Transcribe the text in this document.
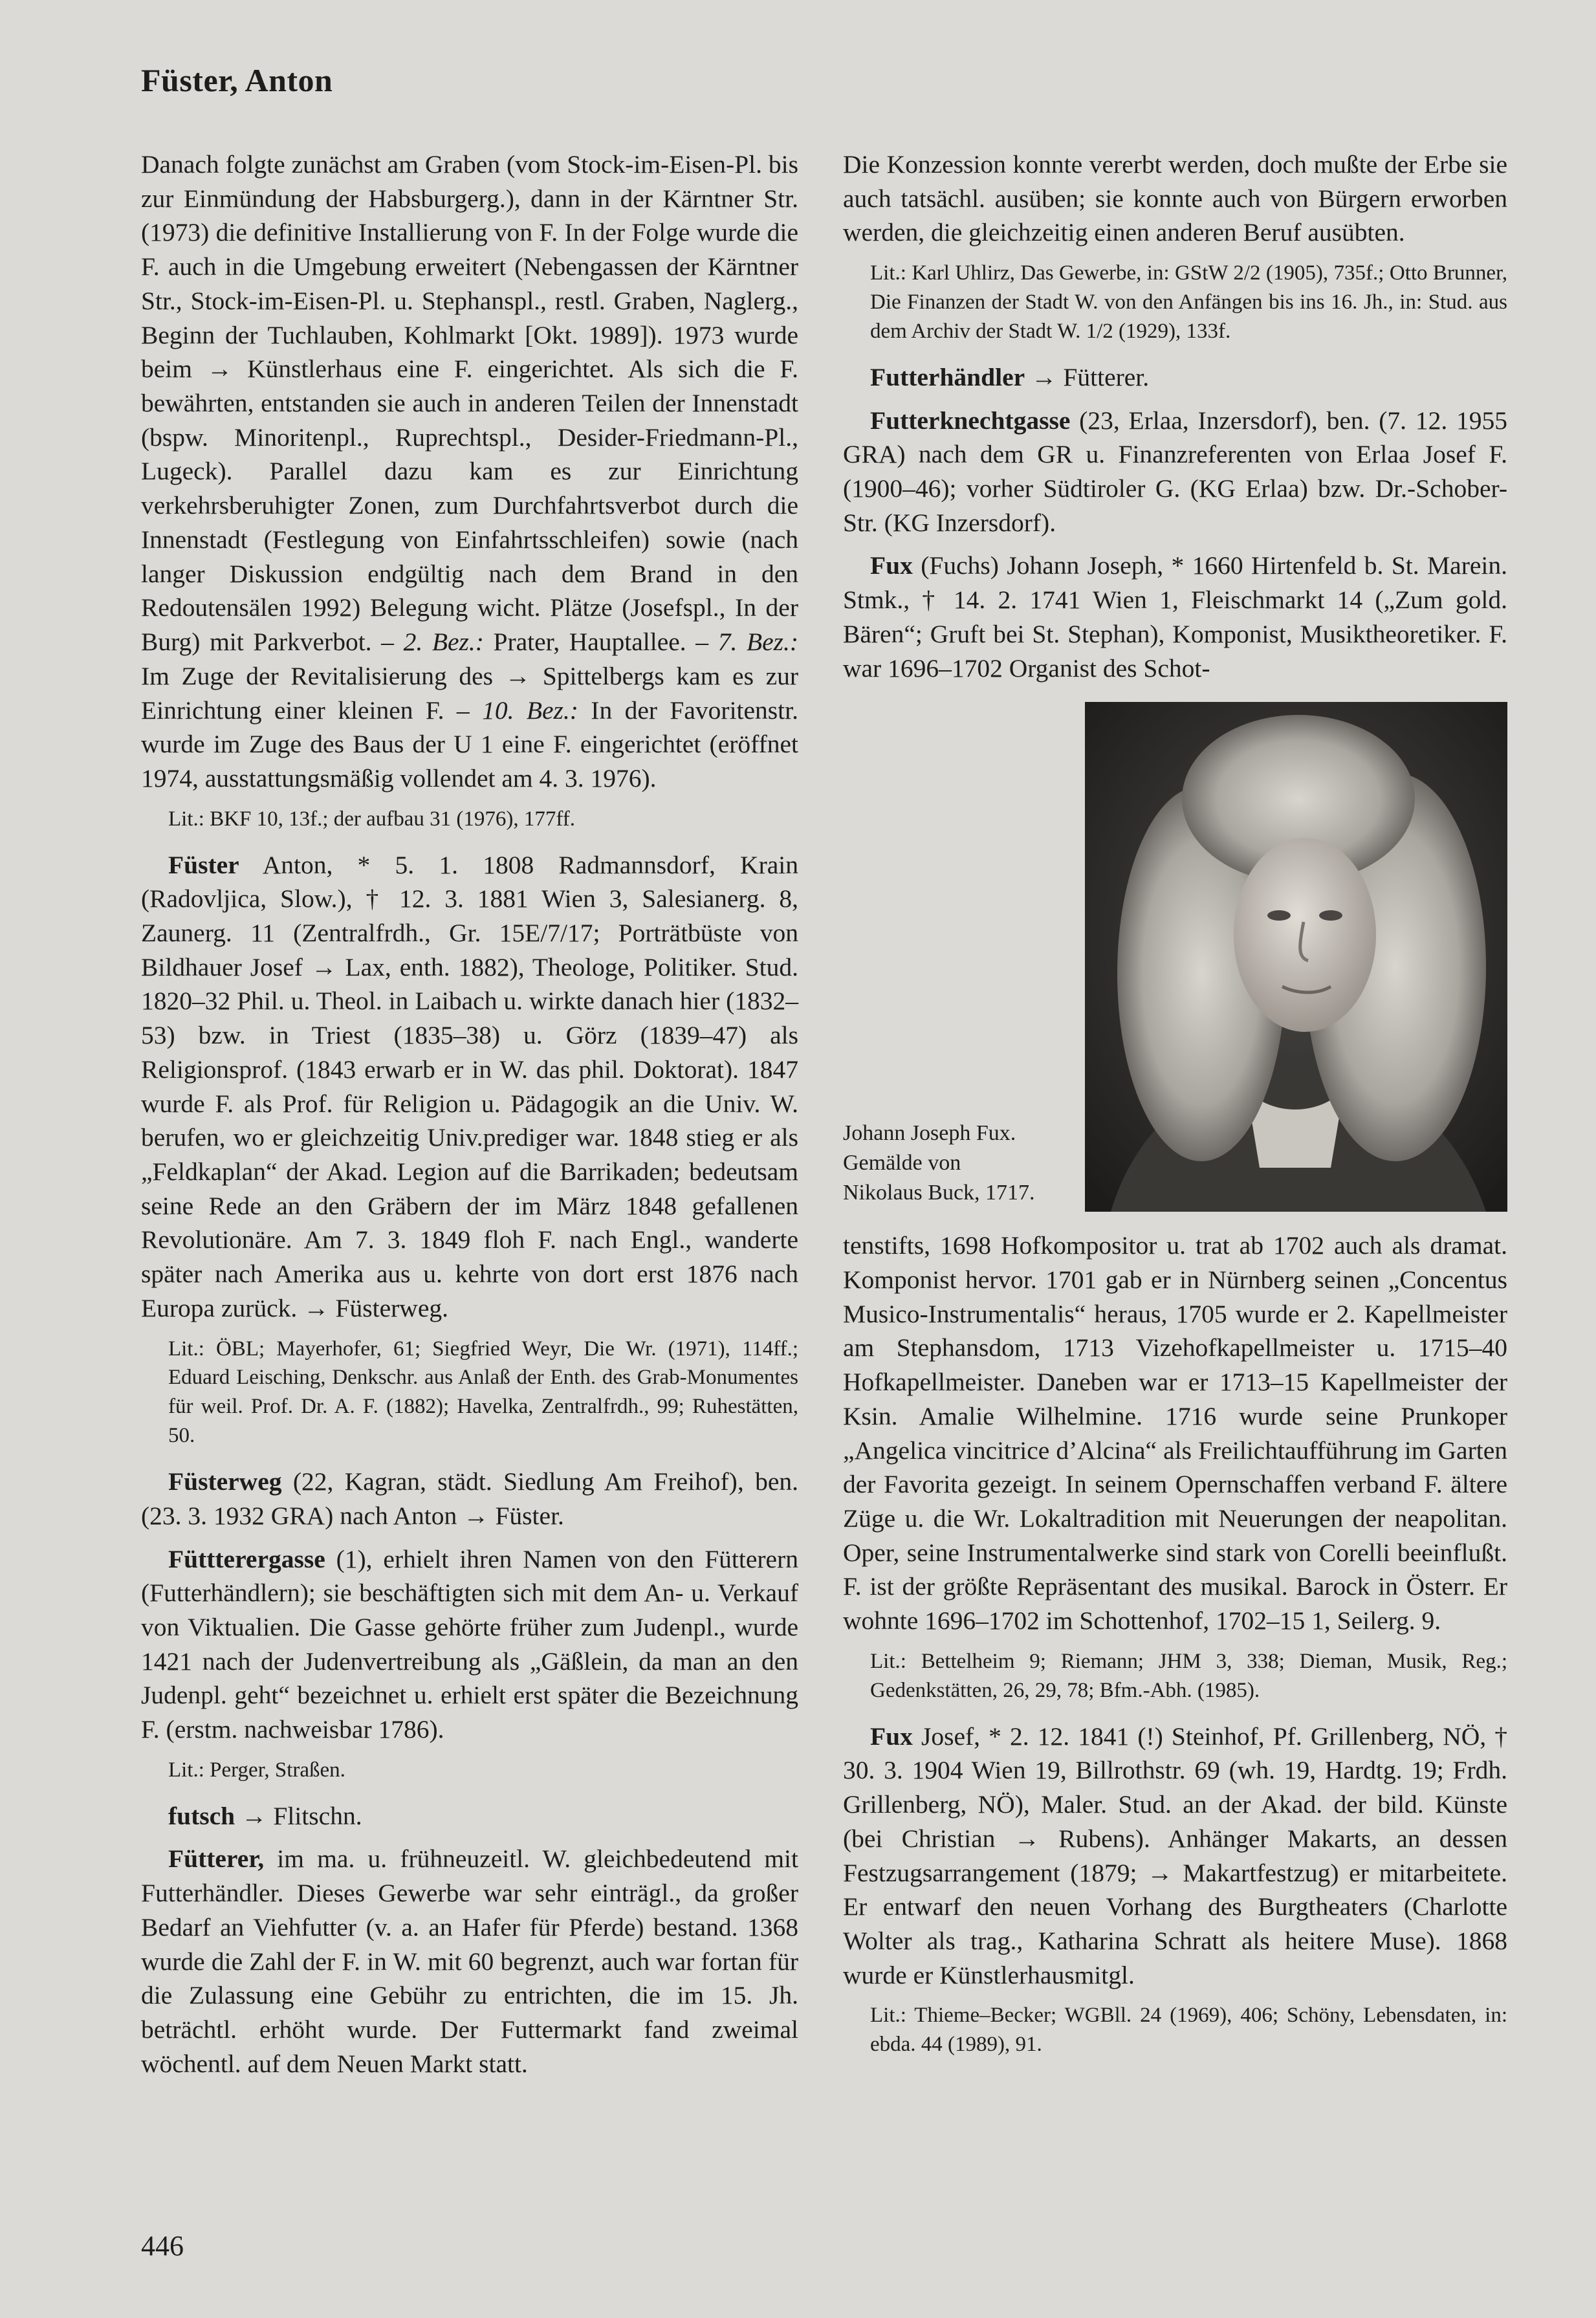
Füster, Anton

Danach folgte zunächst am Graben (vom Stock-im-Eisen-Pl. bis zur Einmündung der Habsburgerg.), dann in der Kärntner Str. (1973) die definitive Installierung von F. In der Folge wurde die F. auch in die Umgebung erweitert (Nebengassen der Kärntner Str., Stock-im-Eisen-Pl. u. Stephanspl., restl. Graben, Naglerg., Beginn der Tuchlauben, Kohlmarkt [Okt. 1989]). 1973 wurde beim → Künstlerhaus eine F. eingerichtet. Als sich die F. bewährten, entstanden sie auch in anderen Teilen der Innenstadt (bspw. Minoritenpl., Ruprechtspl., Desider-Friedmann-Pl., Lugeck). Parallel dazu kam es zur Einrichtung verkehrsberuhigter Zonen, zum Durchfahrtsverbot durch die Innenstadt (Festlegung von Einfahrtsschleifen) sowie (nach langer Diskussion endgültig nach dem Brand in den Redoutensälen 1992) Belegung wicht. Plätze (Josefspl., In der Burg) mit Parkverbot. – 2. Bez.: Prater, Hauptallee. – 7. Bez.: Im Zuge der Revitalisierung des → Spittelbergs kam es zur Einrichtung einer kleinen F. – 10. Bez.: In der Favoritenstr. wurde im Zuge des Baus der U 1 eine F. eingerichtet (eröffnet 1974, ausstattungsmäßig vollendet am 4. 3. 1976).

Lit.: BKF 10, 13f.; der aufbau 31 (1976), 177ff.

Füster Anton, * 5. 1. 1808 Radmannsdorf, Krain (Radovljica, Slow.), † 12. 3. 1881 Wien 3, Salesianerg. 8, Zaunerg. 11 (Zentralfrdh., Gr. 15E/7/17; Porträtbüste von Bildhauer Josef → Lax, enth. 1882), Theologe, Politiker. Stud. 1820–32 Phil. u. Theol. in Laibach u. wirkte danach hier (1832–53) bzw. in Triest (1835–38) u. Görz (1839–47) als Religionsprof. (1843 erwarb er in W. das phil. Doktorat). 1847 wurde F. als Prof. für Religion u. Pädagogik an die Univ. W. berufen, wo er gleichzeitig Univ.prediger war. 1848 stieg er als „Feldkaplan“ der Akad. Legion auf die Barrikaden; bedeutsam seine Rede an den Gräbern der im März 1848 gefallenen Revolutionäre. Am 7. 3. 1849 floh F. nach Engl., wanderte später nach Amerika aus u. kehrte von dort erst 1876 nach Europa zurück. → Füsterweg.

Lit.: ÖBL; Mayerhofer, 61; Siegfried Weyr, Die Wr. (1971), 114ff.; Eduard Leisching, Denkschr. aus Anlaß der Enth. des Grab-Monumentes für weil. Prof. Dr. A. F. (1882); Havelka, Zentralfrdh., 99; Ruhestätten, 50.

Füsterweg (22, Kagran, städt. Siedlung Am Freihof), ben. (23. 3. 1932 GRA) nach Anton → Füster.

Füttterergasse (1), erhielt ihren Namen von den Fütterern (Futterhändlern); sie beschäftigten sich mit dem An- u. Verkauf von Viktualien. Die Gasse gehörte früher zum Judenpl., wurde 1421 nach der Judenvertreibung als „Gäßlein, da man an den Judenpl. geht“ bezeichnet u. erhielt erst später die Bezeichnung F. (erstm. nachweisbar 1786).

Lit.: Perger, Straßen.

futsch → Flitschn.

Fütterer, im ma. u. frühneuzeitl. W. gleichbedeutend mit Futterhändler. Dieses Gewerbe war sehr einträgl., da großer Bedarf an Viehfutter (v. a. an Hafer für Pferde) bestand. 1368 wurde die Zahl der F. in W. mit 60 begrenzt, auch war fortan für die Zulassung eine Gebühr zu entrichten, die im 15. Jh. beträchtl. erhöht wurde. Der Futtermarkt fand zweimal wöchentl. auf dem Neuen Markt statt.

Die Konzession konnte vererbt werden, doch mußte der Erbe sie auch tatsächl. ausüben; sie konnte auch von Bürgern erworben werden, die gleichzeitig einen anderen Beruf ausübten.

Lit.: Karl Uhlirz, Das Gewerbe, in: GStW 2/2 (1905), 735f.; Otto Brunner, Die Finanzen der Stadt W. von den Anfängen bis ins 16. Jh., in: Stud. aus dem Archiv der Stadt W. 1/2 (1929), 133f.

Futterhändler → Fütterer.

Futterknechtgasse (23, Erlaa, Inzersdorf), ben. (7. 12. 1955 GRA) nach dem GR u. Finanzreferenten von Erlaa Josef F. (1900–46); vorher Südtiroler G. (KG Erlaa) bzw. Dr.-Schober-Str. (KG Inzersdorf).

Fux (Fuchs) Johann Joseph, * 1660 Hirtenfeld b. St. Marein. Stmk., † 14. 2. 1741 Wien 1, Fleischmarkt 14 („Zum gold. Bären“; Gruft bei St. Stephan), Komponist, Musiktheoretiker. F. war 1696–1702 Organist des Schot-

Johann Joseph Fux.
Gemälde von
Nikolaus Buck, 1717.

tenstifts, 1698 Hofkompositor u. trat ab 1702 auch als dramat. Komponist hervor. 1701 gab er in Nürnberg seinen „Concentus Musico-Instrumentalis“ heraus, 1705 wurde er 2. Kapellmeister am Stephansdom, 1713 Vizehofkapellmeister u. 1715–40 Hofkapellmeister. Daneben war er 1713–15 Kapellmeister der Ksin. Amalie Wilhelmine. 1716 wurde seine Prunkoper „Angelica vincitrice d’Alcina“ als Freilichtaufführung im Garten der Favorita gezeigt. In seinem Opernschaffen verband F. ältere Züge u. die Wr. Lokaltradition mit Neuerungen der neapolitan. Oper, seine Instrumentalwerke sind stark von Corelli beeinflußt. F. ist der größte Repräsentant des musikal. Barock in Österr. Er wohnte 1696–1702 im Schottenhof, 1702–15 1, Seilerg. 9.

Lit.: Bettelheim 9; Riemann; JHM 3, 338; Dieman, Musik, Reg.; Gedenkstätten, 26, 29, 78; Bfm.-Abh. (1985).

Fux Josef, * 2. 12. 1841 (!) Steinhof, Pf. Grillenberg, NÖ, † 30. 3. 1904 Wien 19, Billrothstr. 69 (wh. 19, Hardtg. 19; Frdh. Grillenberg, NÖ), Maler. Stud. an der Akad. der bild. Künste (bei Christian → Rubens). Anhänger Makarts, an dessen Festzugsarrangement (1879; → Makartfestzug) er mitarbeitete. Er entwarf den neuen Vorhang des Burgtheaters (Charlotte Wolter als trag., Katharina Schratt als heitere Muse). 1868 wurde er Künstlerhausmitgl.

Lit.: Thieme–Becker; WGBll. 24 (1969), 406; Schöny, Lebensdaten, in: ebda. 44 (1989), 91.

446
